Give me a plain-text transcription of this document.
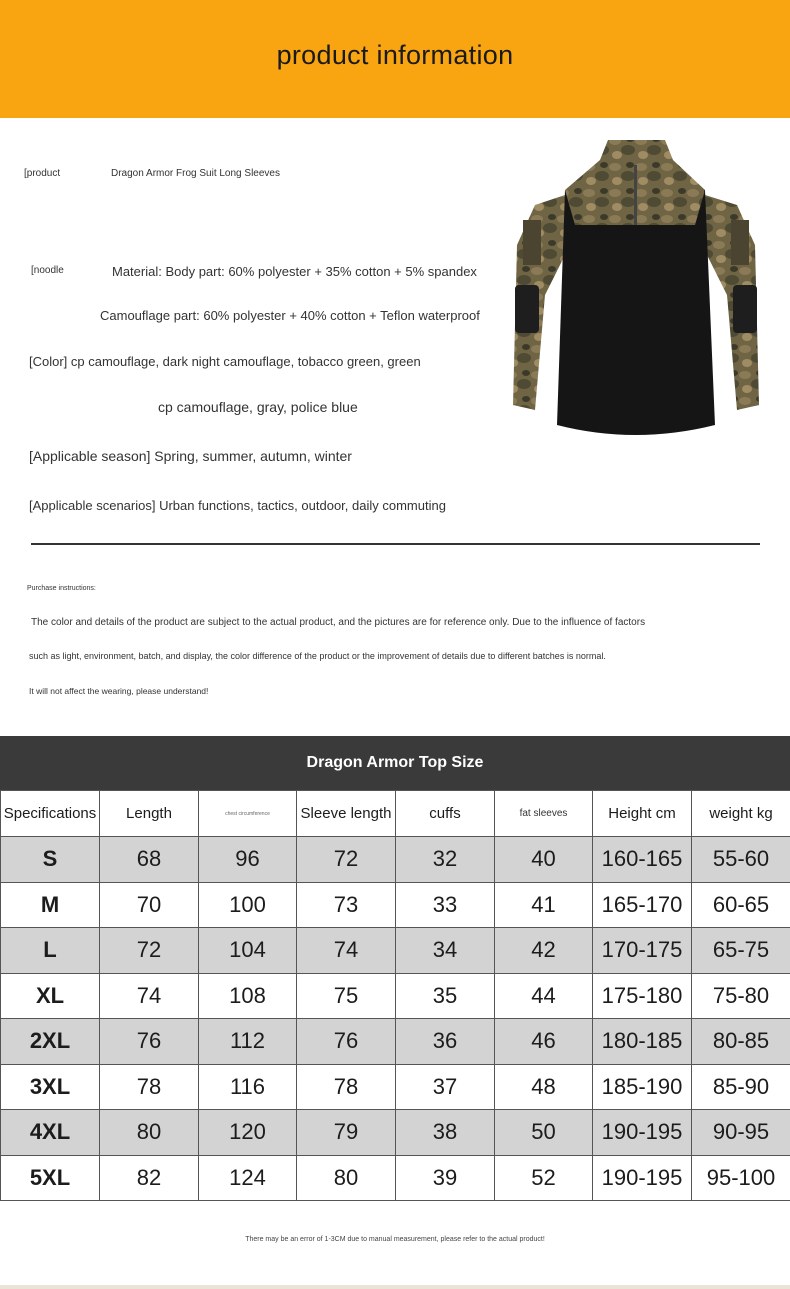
product information
[product	Dragon Armor Frog Suit Long Sleeves
[noodle	Material: Body part: 60% polyester + 35% cotton + 5% spandex
Camouflage part: 60% polyester + 40% cotton + Teflon waterproof
[Color] cp camouflage, dark night camouflage, tobacco green, green
cp camouflage, gray, police blue
[Applicable season] Spring, summer, autumn, winter
[Applicable scenarios] Urban functions, tactics, outdoor, daily commuting
Purchase instructions:
The color and details of the product are subject to the actual product, and the pictures are for reference only. Due to the influence of factors
such as light, environment, batch, and display, the color difference of the product or the improvement of details due to different batches is normal.
It will not affect the wearing, please understand!
Dragon Armor Top Size
Specifications	Length	chest circumference	Sleeve length	cuffs	fat sleeves	Height cm	weight kg
S	68	96	72	32	40	160-165	55-60
M	70	100	73	33	41	165-170	60-65
L	72	104	74	34	42	170-175	65-75
XL	74	108	75	35	44	175-180	75-80
2XL	76	112	76	36	46	180-185	80-85
3XL	78	116	78	37	48	185-190	85-90
4XL	80	120	79	38	50	190-195	90-95
5XL	82	124	80	39	52	190-195	95-100
There may be an error of 1-3CM due to manual measurement, please refer to the actual product!
